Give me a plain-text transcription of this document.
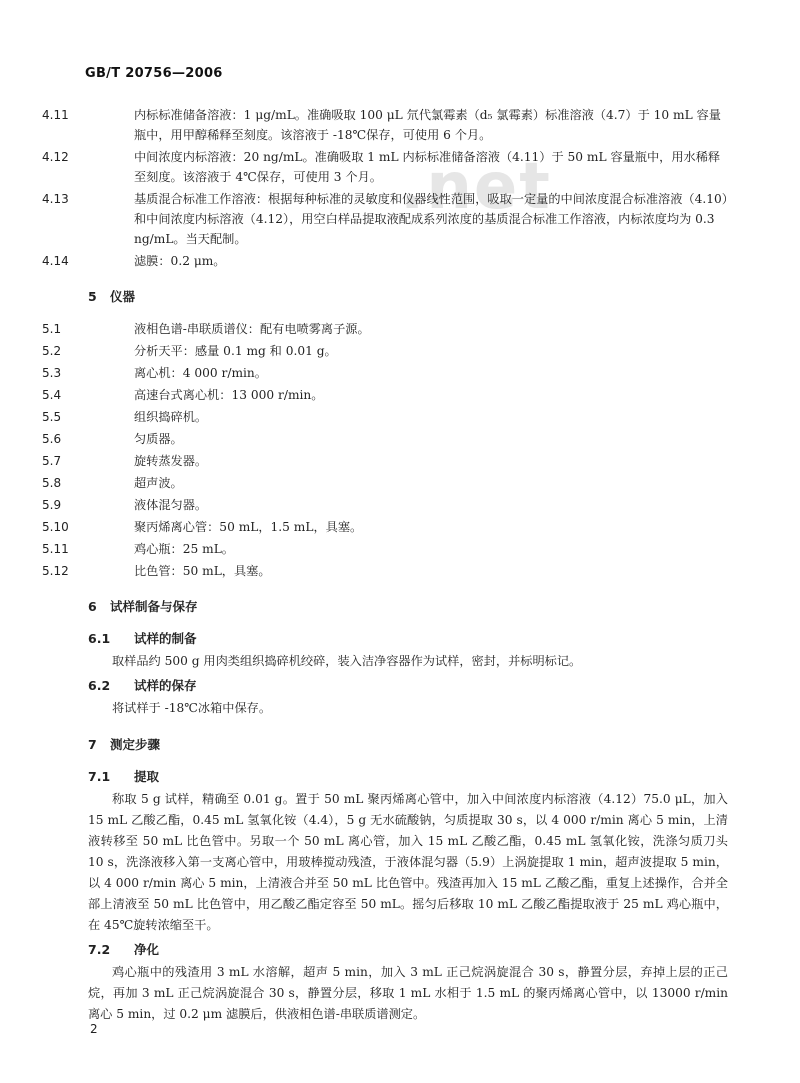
.net
GB/T 20756—2006
4.11	内标标准储备溶液：1 μg/mL。准确吸取 100 μL 氘代氯霉素（d₅ 氯霉素）标准溶液（4.7）于 10 mL 容量瓶中，用甲醇稀释至刻度。该溶液于 -18℃保存，可使用 6 个月。
4.12	中间浓度内标溶液：20 ng/mL。准确吸取 1 mL 内标标准储备溶液（4.11）于 50 mL 容量瓶中，用水稀释至刻度。该溶液于 4℃保存，可使用 3 个月。
4.13	基质混合标准工作溶液：根据每种标准的灵敏度和仪器线性范围，吸取一定量的中间浓度混合标准溶液（4.10）和中间浓度内标溶液（4.12），用空白样品提取液配成系列浓度的基质混合标准工作溶液，内标浓度均为 0.3 ng/mL。当天配制。
4.14	滤膜：0.2 μm。
5 仪器
5.1	液相色谱-串联质谱仪：配有电喷雾离子源。
5.2	分析天平：感量 0.1 mg 和 0.01 g。
5.3	离心机：4 000 r/min。
5.4	高速台式离心机：13 000 r/min。
5.5	组织捣碎机。
5.6	匀质器。
5.7	旋转蒸发器。
5.8	超声波。
5.9	液体混匀器。
5.10	聚丙烯离心管：50 mL，1.5 mL，具塞。
5.11	鸡心瓶：25 mL。
5.12	比色管：50 mL，具塞。
6 试样制备与保存
6.1 试样的制备
取样品约 500 g 用肉类组织捣碎机绞碎，装入洁净容器作为试样，密封，并标明标记。
6.2 试样的保存
将试样于 -18℃冰箱中保存。
7 测定步骤
7.1 提取
称取 5 g 试样，精确至 0.01 g。置于 50 mL 聚丙烯离心管中，加入中间浓度内标溶液（4.12）75.0 μL，加入 15 mL 乙酸乙酯，0.45 mL 氢氧化铵（4.4），5 g 无水硫酸钠，匀质提取 30 s，以 4 000 r/min 离心 5 min，上清液转移至 50 mL 比色管中。另取一个 50 mL 离心管，加入 15 mL 乙酸乙酯，0.45 mL 氢氧化铵，洗涤匀质刀头 10 s，洗涤液移入第一支离心管中，用玻棒搅动残渣，于液体混匀器（5.9）上涡旋提取 1 min，超声波提取 5 min，以 4 000 r/min 离心 5 min，上清液合并至 50 mL 比色管中。残渣再加入 15 mL 乙酸乙酯，重复上述操作，合并全部上清液至 50 mL 比色管中，用乙酸乙酯定容至 50 mL。摇匀后移取 10 mL 乙酸乙酯提取液于 25 mL 鸡心瓶中，在 45℃旋转浓缩至干。
7.2 净化
鸡心瓶中的残渣用 3 mL 水溶解，超声 5 min，加入 3 mL 正己烷涡旋混合 30 s，静置分层，弃掉上层的正己烷，再加 3 mL 正己烷涡旋混合 30 s，静置分层，移取 1 mL 水相于 1.5 mL 的聚丙烯离心管中，以 13000 r/min 离心 5 min，过 0.2 μm 滤膜后，供液相色谱-串联质谱测定。
2
